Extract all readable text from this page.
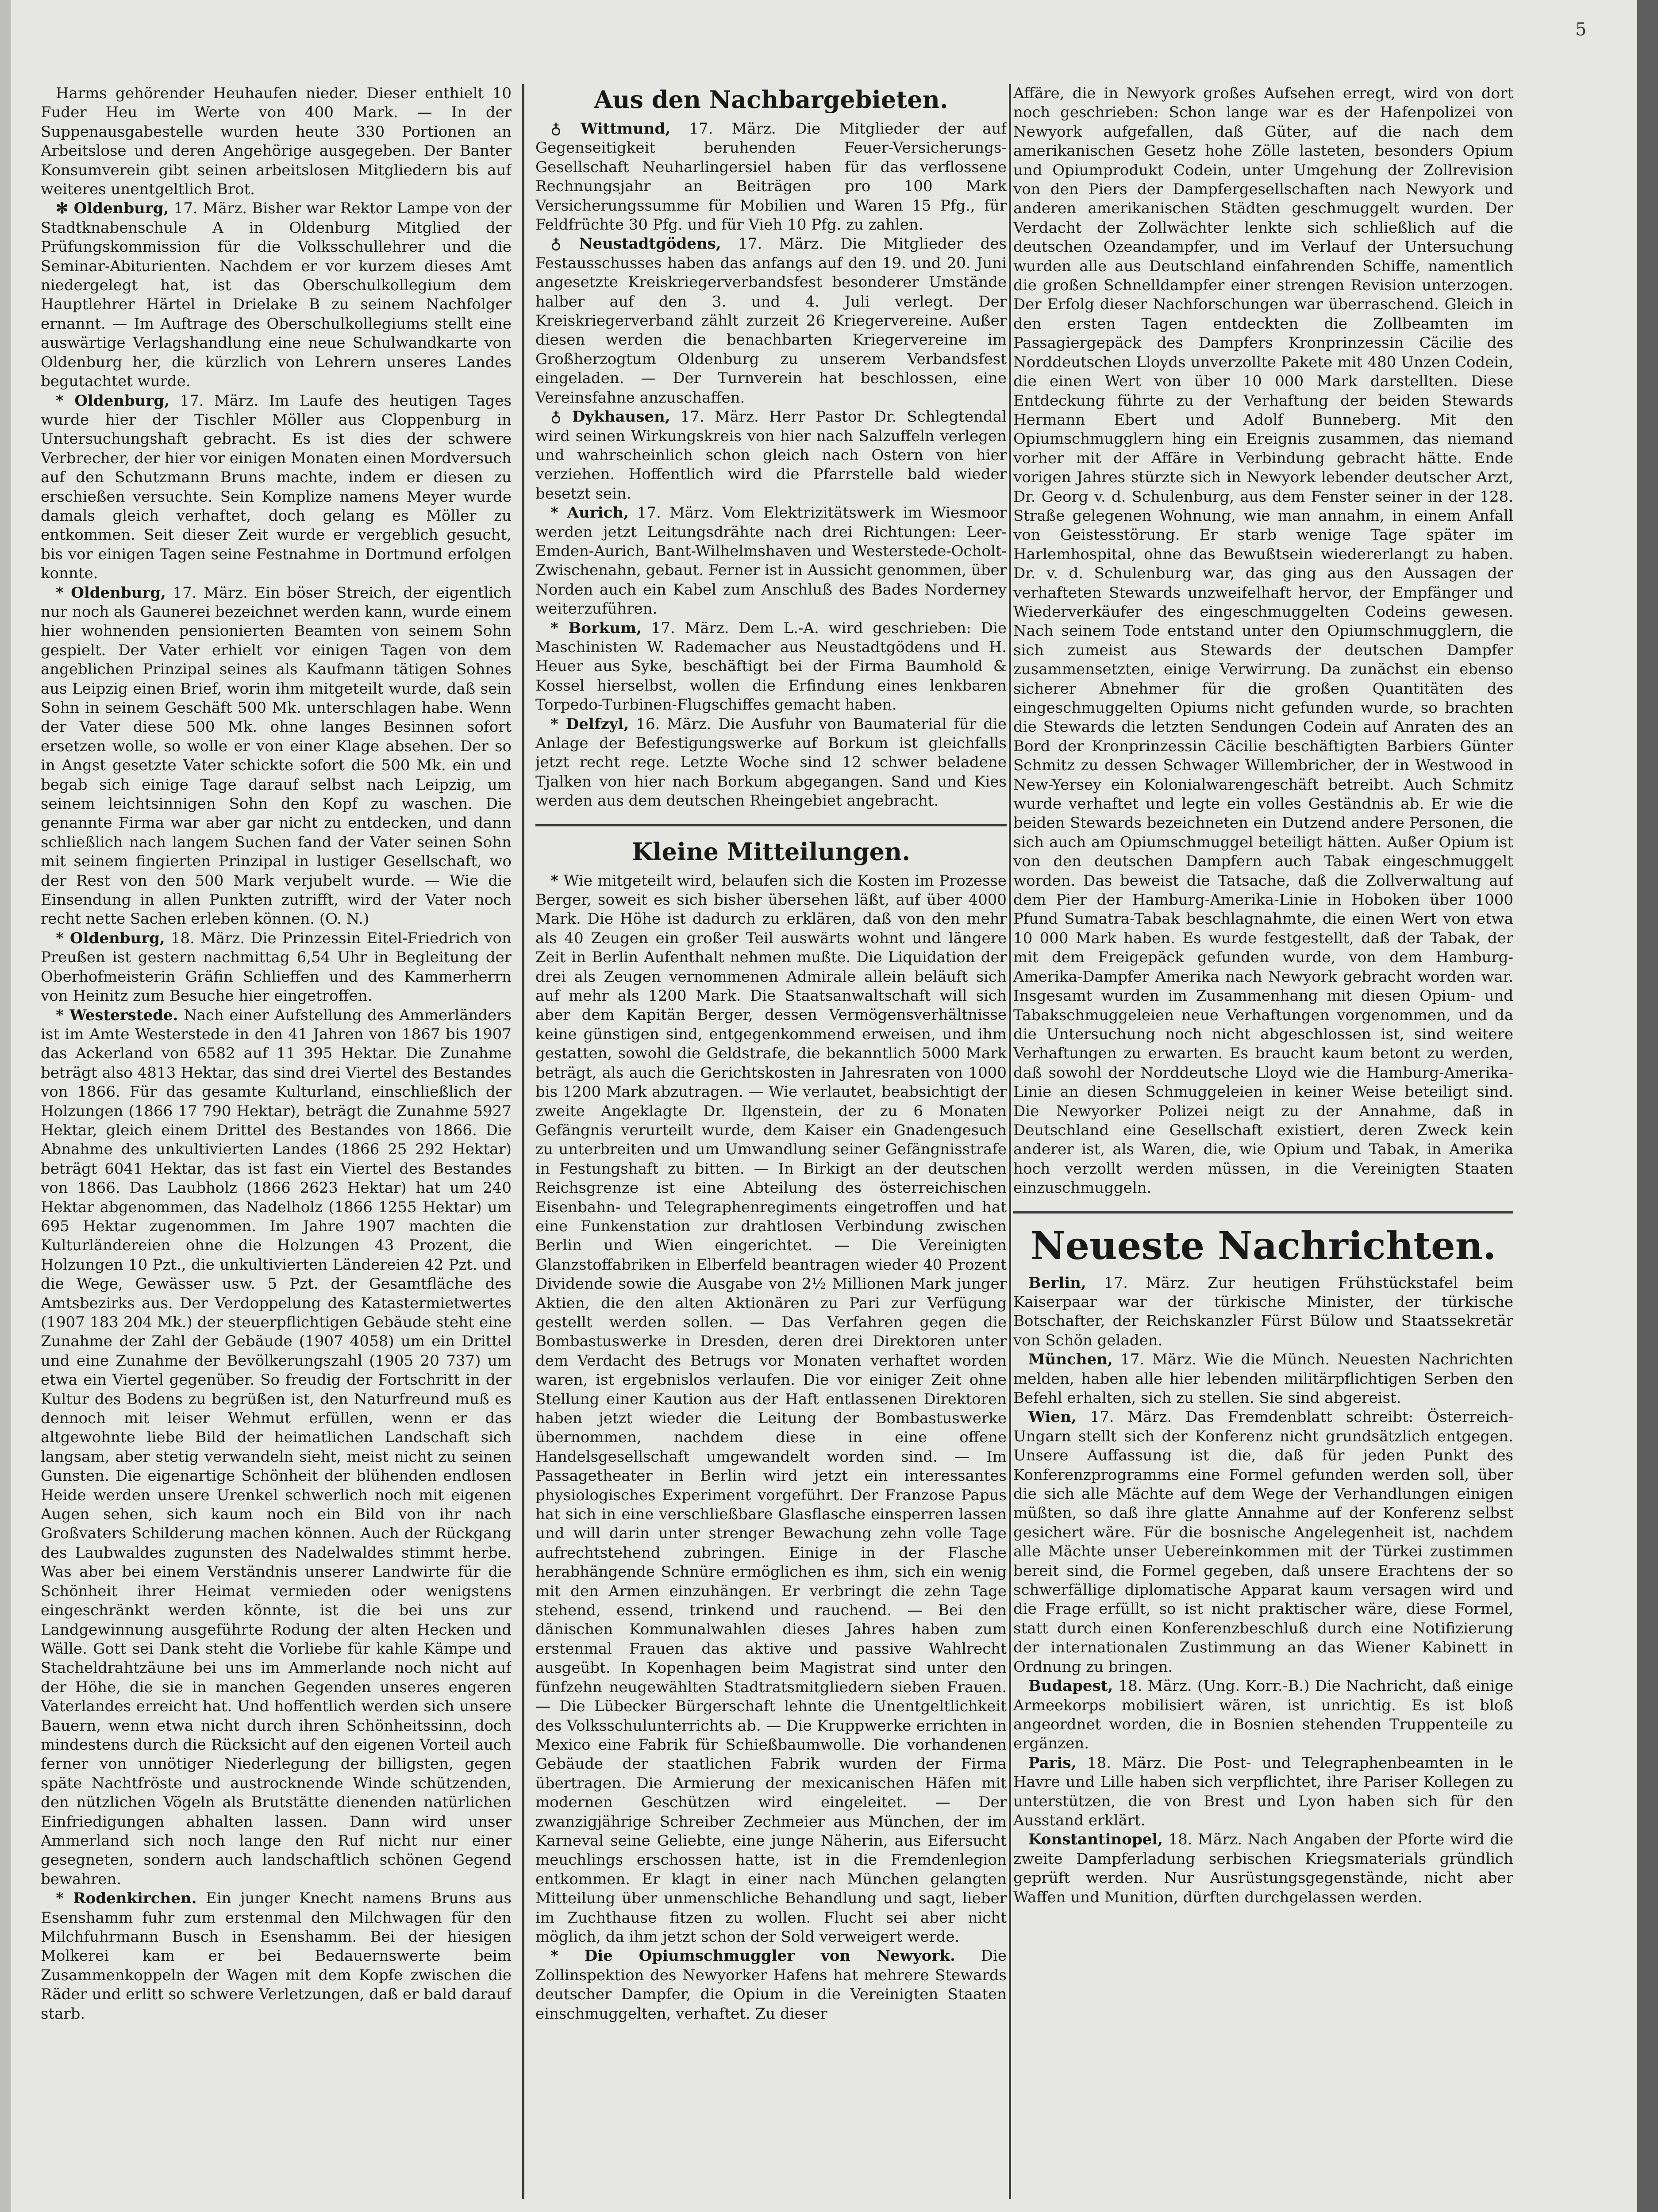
5

Harms gehörender Heuhaufen nieder. Dieser enthielt 10 Fuder Heu im Werte von 400 Mark. — In der Suppenausgabestelle wurden heute 330 Portionen an Arbeitslose und deren Angehörige ausgegeben. Der Banter Konsumverein gibt seinen arbeitslosen Mitgliedern bis auf weiteres unentgeltlich Brot.

✻ Oldenburg, 17. März. Bisher war Rektor Lampe von der Stadtknabenschule A in Oldenburg Mitglied der Prüfungskommission für die Volksschullehrer und die Seminar-Abiturienten. Nachdem er vor kurzem dieses Amt niedergelegt hat, ist das Oberschulkollegium dem Hauptlehrer Härtel in Drielake B zu seinem Nachfolger ernannt. — Im Auftrage des Oberschulkollegiums stellt eine auswärtige Verlagshandlung eine neue Schulwandkarte von Oldenburg her, die kürzlich von Lehrern unseres Landes begutachtet wurde.

* Oldenburg, 17. März. Im Laufe des heutigen Tages wurde hier der Tischler Möller aus Cloppenburg in Untersuchungshaft gebracht. Es ist dies der schwere Verbrecher, der hier vor einigen Monaten einen Mordversuch auf den Schutzmann Bruns machte, indem er diesen zu erschießen versuchte. Sein Komplize namens Meyer wurde damals gleich verhaftet, doch gelang es Möller zu entkommen. Seit dieser Zeit wurde er vergeblich gesucht, bis vor einigen Tagen seine Festnahme in Dortmund erfolgen konnte.

* Oldenburg, 17. März. Ein böser Streich, der eigentlich nur noch als Gaunerei bezeichnet werden kann, wurde einem hier wohnenden pensionierten Beamten von seinem Sohn gespielt. Der Vater erhielt vor einigen Tagen von dem angeblichen Prinzipal seines als Kaufmann tätigen Sohnes aus Leipzig einen Brief, worin ihm mitgeteilt wurde, daß sein Sohn in seinem Geschäft 500 Mk. unterschlagen habe. Wenn der Vater diese 500 Mk. ohne langes Besinnen sofort ersetzen wolle, so wolle er von einer Klage absehen. Der so in Angst gesetzte Vater schickte sofort die 500 Mk. ein und begab sich einige Tage darauf selbst nach Leipzig, um seinem leichtsinnigen Sohn den Kopf zu waschen. Die genannte Firma war aber gar nicht zu entdecken, und dann schließlich nach langem Suchen fand der Vater seinen Sohn mit seinem fingierten Prinzipal in lustiger Gesellschaft, wo der Rest von den 500 Mark verjubelt wurde. — Wie die Einsendung in allen Punkten zutrifft, wird der Vater noch recht nette Sachen erleben können. (O. N.)

* Oldenburg, 18. März. Die Prinzessin Eitel-Friedrich von Preußen ist gestern nachmittag 6,54 Uhr in Begleitung der Oberhofmeisterin Gräfin Schlieffen und des Kammerherrn von Heinitz zum Besuche hier eingetroffen.

* Westerstede. Nach einer Aufstellung des Ammerländers ist im Amte Westerstede in den 41 Jahren von 1867 bis 1907 das Ackerland von 6582 auf 11 395 Hektar. Die Zunahme beträgt also 4813 Hektar, das sind drei Viertel des Bestandes von 1866. Für das gesamte Kulturland, einschließlich der Holzungen (1866 17 790 Hektar), beträgt die Zunahme 5927 Hektar, gleich einem Drittel des Bestandes von 1866. Die Abnahme des unkultivierten Landes (1866 25 292 Hektar) beträgt 6041 Hektar, das ist fast ein Viertel des Bestandes von 1866. Das Laubholz (1866 2623 Hektar) hat um 240 Hektar abgenommen, das Nadelholz (1866 1255 Hektar) um 695 Hektar zugenommen. Im Jahre 1907 machten die Kulturländereien ohne die Holzungen 43 Prozent, die Holzungen 10 Pzt., die unkultivierten Ländereien 42 Pzt. und die Wege, Gewässer usw. 5 Pzt. der Gesamtfläche des Amtsbezirks aus. Der Verdoppelung des Katastermietwertes (1907 183 204 Mk.) der steuerpflichtigen Gebäude steht eine Zunahme der Zahl der Gebäude (1907 4058) um ein Drittel und eine Zunahme der Bevölkerungszahl (1905 20 737) um etwa ein Viertel gegenüber. So freudig der Fortschritt in der Kultur des Bodens zu begrüßen ist, den Naturfreund muß es dennoch mit leiser Wehmut erfüllen, wenn er das altgewohnte liebe Bild der heimatlichen Landschaft sich langsam, aber stetig verwandeln sieht, meist nicht zu seinen Gunsten. Die eigenartige Schönheit der blühenden endlosen Heide werden unsere Urenkel schwerlich noch mit eigenen Augen sehen, sich kaum noch ein Bild von ihr nach Großvaters Schilderung machen können. Auch der Rückgang des Laubwaldes zugunsten des Nadelwaldes stimmt herbe. Was aber bei einem Verständnis unserer Landwirte für die Schönheit ihrer Heimat vermieden oder wenigstens eingeschränkt werden könnte, ist die bei uns zur Landgewinnung ausgeführte Rodung der alten Hecken und Wälle. Gott sei Dank steht die Vorliebe für kahle Kämpe und Stacheldrahtzäune bei uns im Ammerlande noch nicht auf der Höhe, die sie in manchen Gegenden unseres engeren Vaterlandes erreicht hat. Und hoffentlich werden sich unsere Bauern, wenn etwa nicht durch ihren Schönheitssinn, doch mindestens durch die Rücksicht auf den eigenen Vorteil auch ferner von unnötiger Niederlegung der billigsten, gegen späte Nachtfröste und austrocknende Winde schützenden, den nützlichen Vögeln als Brutstätte dienenden natürlichen Einfriedigungen abhalten lassen. Dann wird unser Ammerland sich noch lange den Ruf nicht nur einer gesegneten, sondern auch landschaftlich schönen Gegend bewahren.

* Rodenkirchen. Ein junger Knecht namens Bruns aus Esenshamm fuhr zum erstenmal den Milchwagen für den Milchfuhrmann Busch in Esenshamm. Bei der hiesigen Molkerei kam er bei Bedauernswerte beim Zusammenkoppeln der Wagen mit dem Kopfe zwischen die Räder und erlitt so schwere Verletzungen, daß er bald darauf starb.

Aus den Nachbargebieten.

♁ Wittmund, 17. März. Die Mitglieder der auf Gegenseitigkeit beruhenden Feuer-Versicherungs-Gesellschaft Neuharlingersiel haben für das verflossene Rechnungsjahr an Beiträgen pro 100 Mark Versicherungssumme für Mobilien und Waren 15 Pfg., für Feldfrüchte 30 Pfg. und für Vieh 10 Pfg. zu zahlen.

♁ Neustadtgödens, 17. März. Die Mitglieder des Festausschusses haben das anfangs auf den 19. und 20. Juni angesetzte Kreiskriegerverbandsfest besonderer Umstände halber auf den 3. und 4. Juli verlegt. Der Kreiskriegerverband zählt zurzeit 26 Kriegervereine. Außer diesen werden die benachbarten Kriegervereine im Großherzogtum Oldenburg zu unserem Verbandsfest eingeladen. — Der Turnverein hat beschlossen, eine Vereinsfahne anzuschaffen.

♁ Dykhausen, 17. März. Herr Pastor Dr. Schlegtendal wird seinen Wirkungskreis von hier nach Salzuffeln verlegen und wahrscheinlich schon gleich nach Ostern von hier verziehen. Hoffentlich wird die Pfarrstelle bald wieder besetzt sein.

* Aurich, 17. März. Vom Elektrizitätswerk im Wiesmoor werden jetzt Leitungsdrähte nach drei Richtungen: Leer-Emden-Aurich, Bant-Wilhelmshaven und Westerstede-Ocholt-Zwischenahn, gebaut. Ferner ist in Aussicht genommen, über Norden auch ein Kabel zum Anschluß des Bades Norderney weiterzuführen.

* Borkum, 17. März. Dem L.-A. wird geschrieben: Die Maschinisten W. Rademacher aus Neustadtgödens und H. Heuer aus Syke, beschäftigt bei der Firma Baumhold & Kossel hierselbst, wollen die Erfindung eines lenkbaren Torpedo-Turbinen-Flugschiffes gemacht haben.

* Delfzyl, 16. März. Die Ausfuhr von Baumaterial für die Anlage der Befestigungswerke auf Borkum ist gleichfalls jetzt recht rege. Letzte Woche sind 12 schwer beladene Tjalken von hier nach Borkum abgegangen. Sand und Kies werden aus dem deutschen Rheingebiet angebracht.

Kleine Mitteilungen.

* Wie mitgeteilt wird, belaufen sich die Kosten im Prozesse Berger, soweit es sich bisher übersehen läßt, auf über 4000 Mark. Die Höhe ist dadurch zu erklären, daß von den mehr als 40 Zeugen ein großer Teil auswärts wohnt und längere Zeit in Berlin Aufenthalt nehmen mußte. Die Liquidation der drei als Zeugen vernommenen Admirale allein beläuft sich auf mehr als 1200 Mark. Die Staatsanwaltschaft will sich aber dem Kapitän Berger, dessen Vermögensverhältnisse keine günstigen sind, entgegenkommend erweisen, und ihm gestatten, sowohl die Geldstrafe, die bekanntlich 5000 Mark beträgt, als auch die Gerichtskosten in Jahresraten von 1000 bis 1200 Mark abzutragen. — Wie verlautet, beabsichtigt der zweite Angeklagte Dr. Ilgenstein, der zu 6 Monaten Gefängnis verurteilt wurde, dem Kaiser ein Gnadengesuch zu unterbreiten und um Umwandlung seiner Gefängnisstrafe in Festungshaft zu bitten. — In Birkigt an der deutschen Reichsgrenze ist eine Abteilung des österreichischen Eisenbahn- und Telegraphenregiments eingetroffen und hat eine Funkenstation zur drahtlosen Verbindung zwischen Berlin und Wien eingerichtet. — Die Vereinigten Glanzstoffabriken in Elberfeld beantragen wieder 40 Prozent Dividende sowie die Ausgabe von 2½ Millionen Mark junger Aktien, die den alten Aktionären zu Pari zur Verfügung gestellt werden sollen. — Das Verfahren gegen die Bombastuswerke in Dresden, deren drei Direktoren unter dem Verdacht des Betrugs vor Monaten verhaftet worden waren, ist ergebnislos verlaufen. Die vor einiger Zeit ohne Stellung einer Kaution aus der Haft entlassenen Direktoren haben jetzt wieder die Leitung der Bombastuswerke übernommen, nachdem diese in eine offene Handelsgesellschaft umgewandelt worden sind. — Im Passagetheater in Berlin wird jetzt ein interessantes physiologisches Experiment vorgeführt. Der Franzose Papus hat sich in eine verschließbare Glasflasche einsperren lassen und will darin unter strenger Bewachung zehn volle Tage aufrechtstehend zubringen. Einige in der Flasche herabhängende Schnüre ermöglichen es ihm, sich ein wenig mit den Armen einzuhängen. Er verbringt die zehn Tage stehend, essend, trinkend und rauchend. — Bei den dänischen Kommunalwahlen dieses Jahres haben zum erstenmal Frauen das aktive und passive Wahlrecht ausgeübt. In Kopenhagen beim Magistrat sind unter den fünfzehn neugewählten Stadtratsmitgliedern sieben Frauen. — Die Lübecker Bürgerschaft lehnte die Unentgeltlichkeit des Volksschulunterrichts ab. — Die Kruppwerke errichten in Mexico eine Fabrik für Schießbaumwolle. Die vorhandenen Gebäude der staatlichen Fabrik wurden der Firma übertragen. Die Armierung der mexicanischen Häfen mit modernen Geschützen wird eingeleitet. — Der zwanzigjährige Schreiber Zechmeier aus München, der im Karneval seine Geliebte, eine junge Näherin, aus Eifersucht meuchlings erschossen hatte, ist in die Fremdenlegion entkommen. Er klagt in einer nach München gelangten Mitteilung über unmenschliche Behandlung und sagt, lieber im Zuchthause fitzen zu wollen. Flucht sei aber nicht möglich, da ihm jetzt schon der Sold verweigert werde.

* Die Opiumschmuggler von Newyork. Die Zollinspektion des Newyorker Hafens hat mehrere Stewards deutscher Dampfer, die Opium in die Vereinigten Staaten einschmuggelten, verhaftet. Zu dieser

Affäre, die in Newyork großes Aufsehen erregt, wird von dort noch geschrieben: Schon lange war es der Hafenpolizei von Newyork aufgefallen, daß Güter, auf die nach dem amerikanischen Gesetz hohe Zölle lasteten, besonders Opium und Opiumprodukt Codein, unter Umgehung der Zollrevision von den Piers der Dampfergesellschaften nach Newyork und anderen amerikanischen Städten geschmuggelt wurden. Der Verdacht der Zollwächter lenkte sich schließlich auf die deutschen Ozeandampfer, und im Verlauf der Untersuchung wurden alle aus Deutschland einfahrenden Schiffe, namentlich die großen Schnelldampfer einer strengen Revision unterzogen. Der Erfolg dieser Nachforschungen war überraschend. Gleich in den ersten Tagen entdeckten die Zollbeamten im Passagiergepäck des Dampfers Kronprinzessin Cäcilie des Norddeutschen Lloyds unverzollte Pakete mit 480 Unzen Codein, die einen Wert von über 10 000 Mark darstellten. Diese Entdeckung führte zu der Verhaftung der beiden Stewards Hermann Ebert und Adolf Bunneberg. Mit den Opiumschmugglern hing ein Ereignis zusammen, das niemand vorher mit der Affäre in Verbindung gebracht hätte. Ende vorigen Jahres stürzte sich in Newyork lebender deutscher Arzt, Dr. Georg v. d. Schulenburg, aus dem Fenster seiner in der 128. Straße gelegenen Wohnung, wie man annahm, in einem Anfall von Geistesstörung. Er starb wenige Tage später im Harlemhospital, ohne das Bewußtsein wiedererlangt zu haben. Dr. v. d. Schulenburg war, das ging aus den Aussagen der verhafteten Stewards unzweifelhaft hervor, der Empfänger und Wiederverkäufer des eingeschmuggelten Codeins gewesen. Nach seinem Tode entstand unter den Opiumschmugglern, die sich zumeist aus Stewards der deutschen Dampfer zusammensetzten, einige Verwirrung. Da zunächst ein ebenso sicherer Abnehmer für die großen Quantitäten des eingeschmuggelten Opiums nicht gefunden wurde, so brachten die Stewards die letzten Sendungen Codein auf Anraten des an Bord der Kronprinzessin Cäcilie beschäftigten Barbiers Günter Schmitz zu dessen Schwager Willembricher, der in Westwood in New-Yersey ein Kolonialwarengeschäft betreibt. Auch Schmitz wurde verhaftet und legte ein volles Geständnis ab. Er wie die beiden Stewards bezeichneten ein Dutzend andere Personen, die sich auch am Opiumschmuggel beteiligt hätten. Außer Opium ist von den deutschen Dampfern auch Tabak eingeschmuggelt worden. Das beweist die Tatsache, daß die Zollverwaltung auf dem Pier der Hamburg-Amerika-Linie in Hoboken über 1000 Pfund Sumatra-Tabak beschlagnahmte, die einen Wert von etwa 10 000 Mark haben. Es wurde festgestellt, daß der Tabak, der mit dem Freigepäck gefunden wurde, von dem Hamburg-Amerika-Dampfer Amerika nach Newyork gebracht worden war. Insgesamt wurden im Zusammenhang mit diesen Opium- und Tabakschmuggeleien neue Verhaftungen vorgenommen, und da die Untersuchung noch nicht abgeschlossen ist, sind weitere Verhaftungen zu erwarten. Es braucht kaum betont zu werden, daß sowohl der Norddeutsche Lloyd wie die Hamburg-Amerika-Linie an diesen Schmuggeleien in keiner Weise beteiligt sind. Die Newyorker Polizei neigt zu der Annahme, daß in Deutschland eine Gesellschaft existiert, deren Zweck kein anderer ist, als Waren, die, wie Opium und Tabak, in Amerika hoch verzollt werden müssen, in die Vereinigten Staaten einzuschmuggeln.

Neueste Nachrichten.

Berlin, 17. März. Zur heutigen Frühstückstafel beim Kaiserpaar war der türkische Minister, der türkische Botschafter, der Reichskanzler Fürst Bülow und Staatssekretär von Schön geladen.

München, 17. März. Wie die Münch. Neuesten Nachrichten melden, haben alle hier lebenden militärpflichtigen Serben den Befehl erhalten, sich zu stellen. Sie sind abgereist.

Wien, 17. März. Das Fremdenblatt schreibt: Österreich-Ungarn stellt sich der Konferenz nicht grundsätzlich entgegen. Unsere Auffassung ist die, daß für jeden Punkt des Konferenzprogramms eine Formel gefunden werden soll, über die sich alle Mächte auf dem Wege der Verhandlungen einigen müßten, so daß ihre glatte Annahme auf der Konferenz selbst gesichert wäre. Für die bosnische Angelegenheit ist, nachdem alle Mächte unser Uebereinkommen mit der Türkei zustimmen bereit sind, die Formel gegeben, daß unsere Erachtens der so schwerfällige diplomatische Apparat kaum versagen wird und die Frage erfüllt, so ist nicht praktischer wäre, diese Formel, statt durch einen Konferenzbeschluß durch eine Notifizierung der internationalen Zustimmung an das Wiener Kabinett in Ordnung zu bringen.

Budapest, 18. März. (Ung. Korr.-B.) Die Nachricht, daß einige Armeekorps mobilisiert wären, ist unrichtig. Es ist bloß angeordnet worden, die in Bosnien stehenden Truppenteile zu ergänzen.

Paris, 18. März. Die Post- und Telegraphenbeamten in le Havre und Lille haben sich verpflichtet, ihre Pariser Kollegen zu unterstützen, die von Brest und Lyon haben sich für den Ausstand erklärt.

Konstantinopel, 18. März. Nach Angaben der Pforte wird die zweite Dampferladung serbischen Kriegsmaterials gründlich geprüft werden. Nur Ausrüstungsgegenstände, nicht aber Waffen und Munition, dürften durchgelassen werden.
